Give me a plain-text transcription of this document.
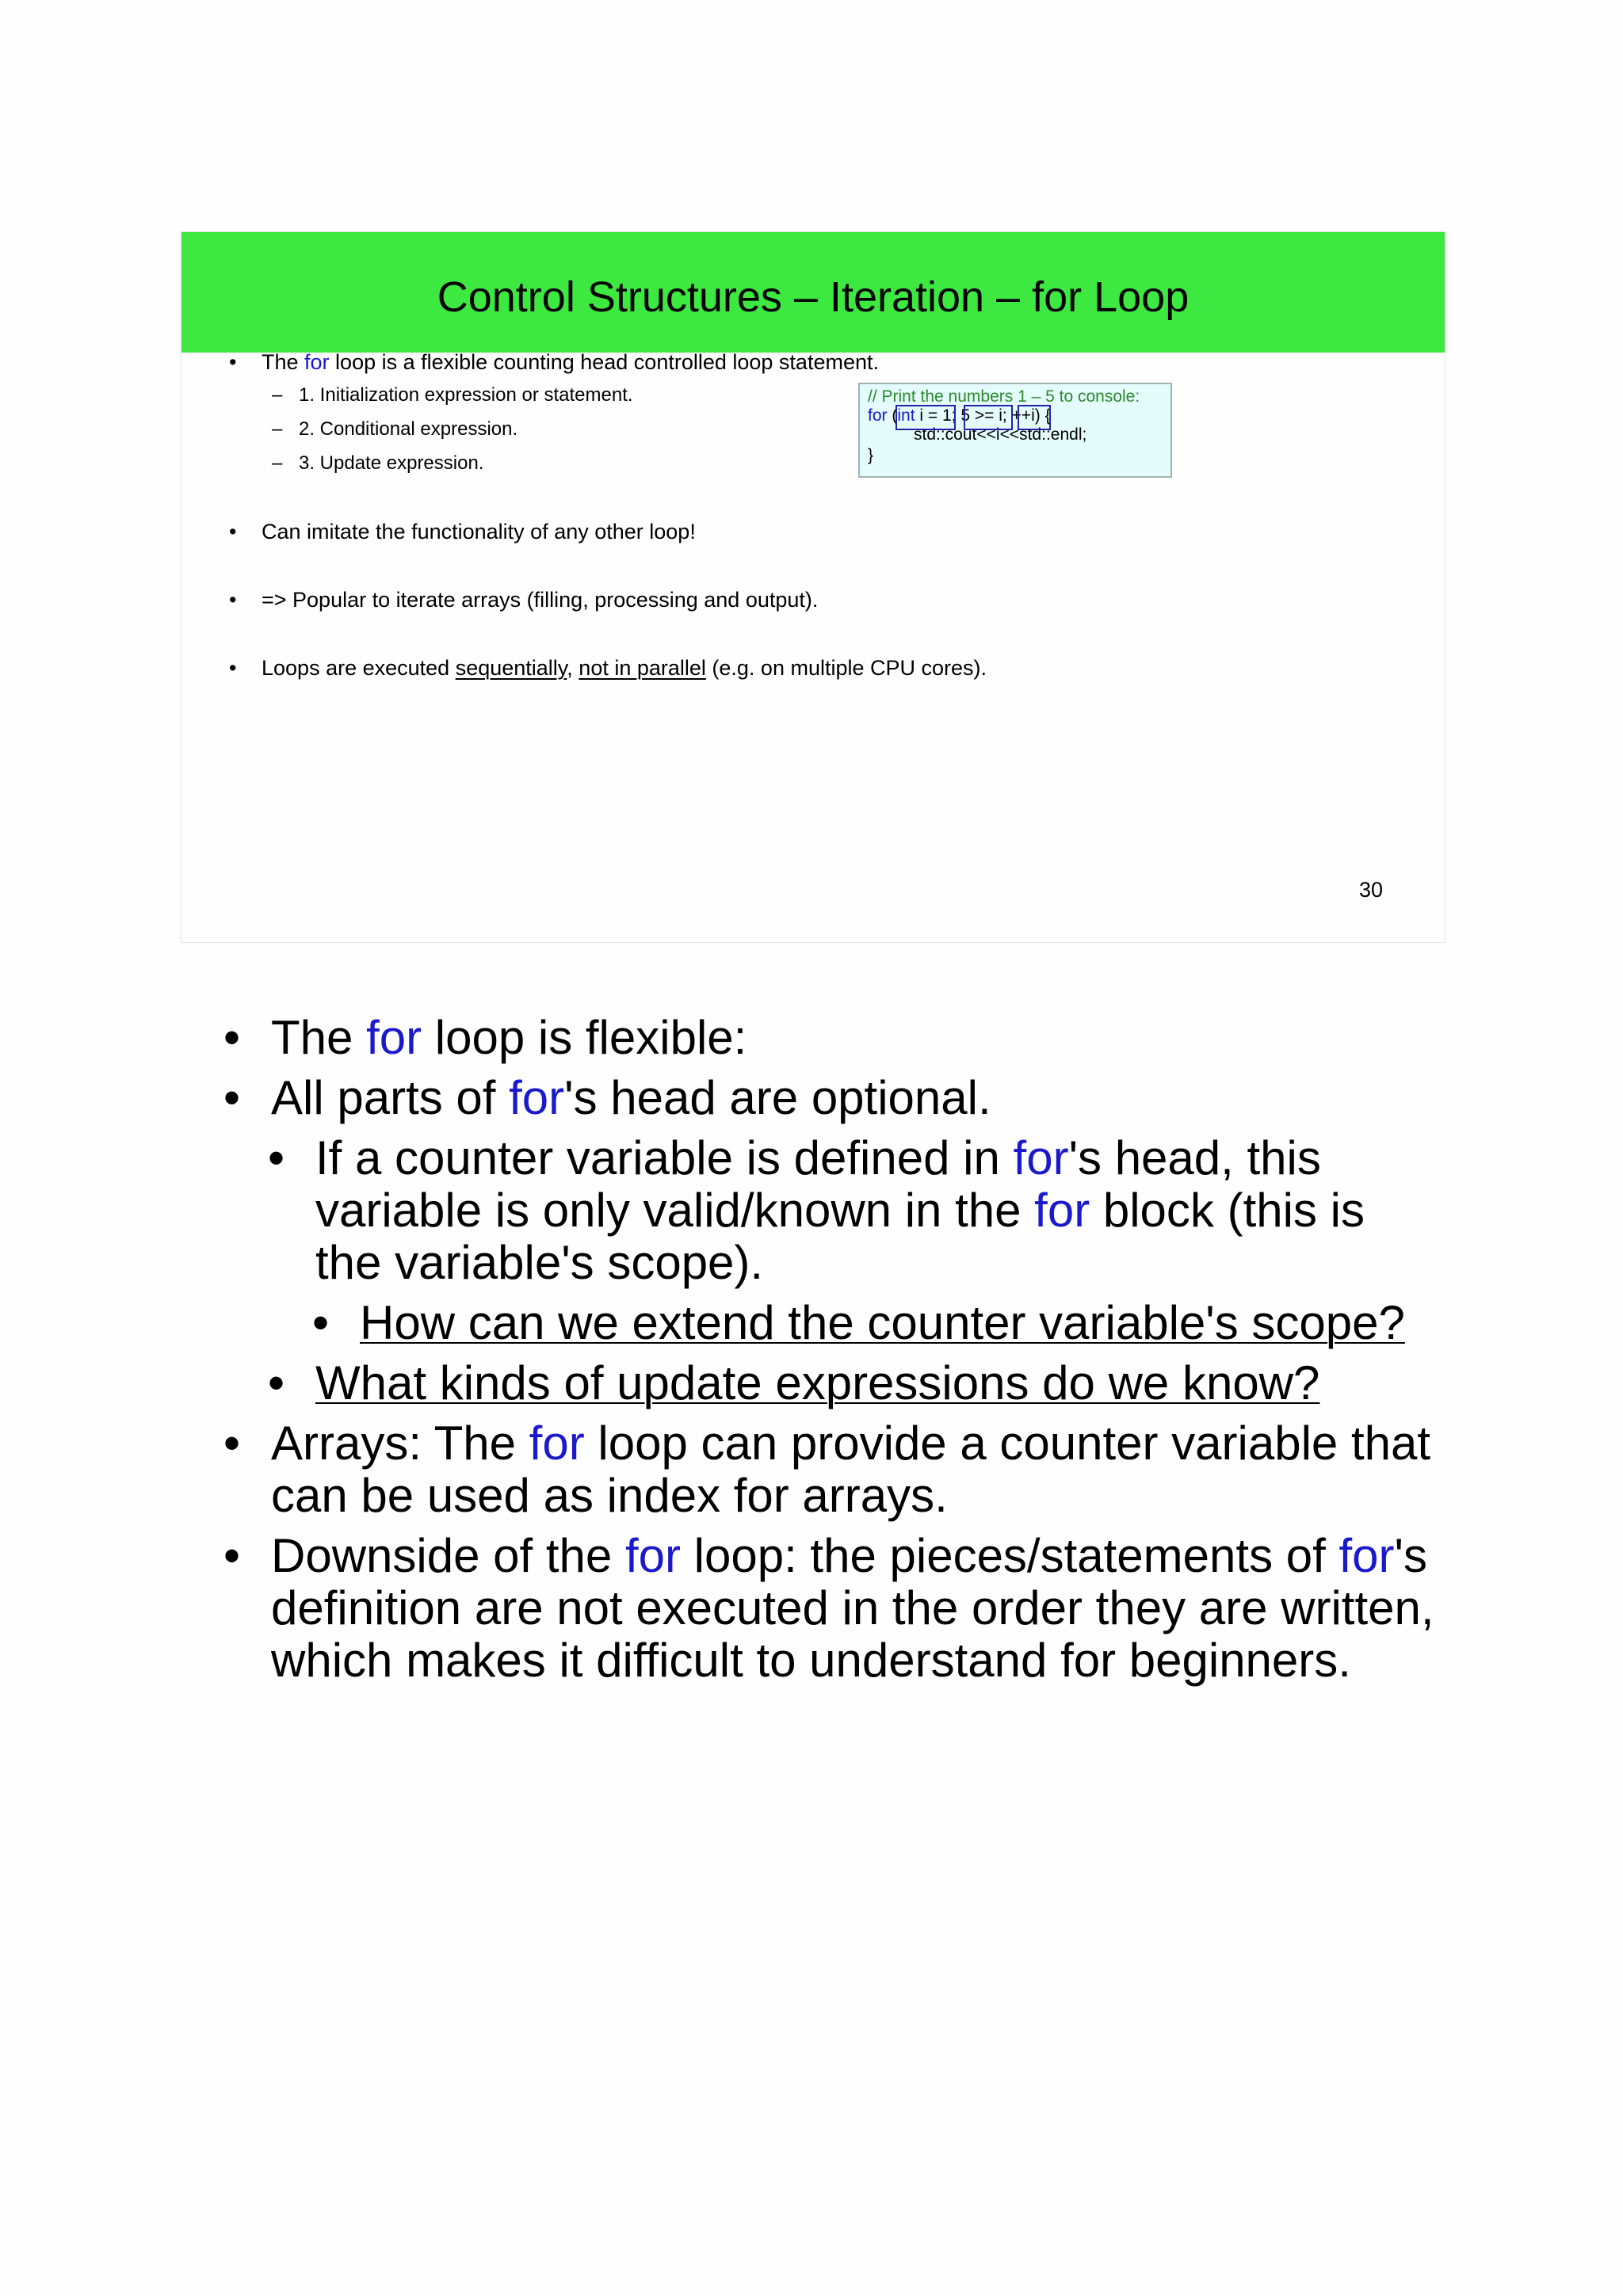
Control Structures – Iteration – for Loop
• The for loop is a flexible counting head controlled loop statement.
– 1. Initialization expression or statement.
– 2. Conditional expression.
– 3. Update expression.
• Can imitate the functionality of any other loop!
• => Popular to iterate arrays (filling, processing and output).
• Loops are executed sequentially, not in parallel (e.g. on multiple CPU cores).
// Print the numbers 1 – 5 to console:
for (int i = 1; 5 >= i; ++i) {
std::cout<<i<<std::endl;
}
30
• The for loop is flexible:
• All parts of for's head are optional.
• If a counter variable is defined in for's head, this
variable is only valid/known in the for block (this is
the variable's scope).
• How can we extend the counter variable's scope?
• What kinds of update expressions do we know?
• Arrays: The for loop can provide a counter variable that
can be used as index for arrays.
• Downside of the for loop: the pieces/statements of for's
definition are not executed in the order they are written,
which makes it difficult to understand for beginners.
